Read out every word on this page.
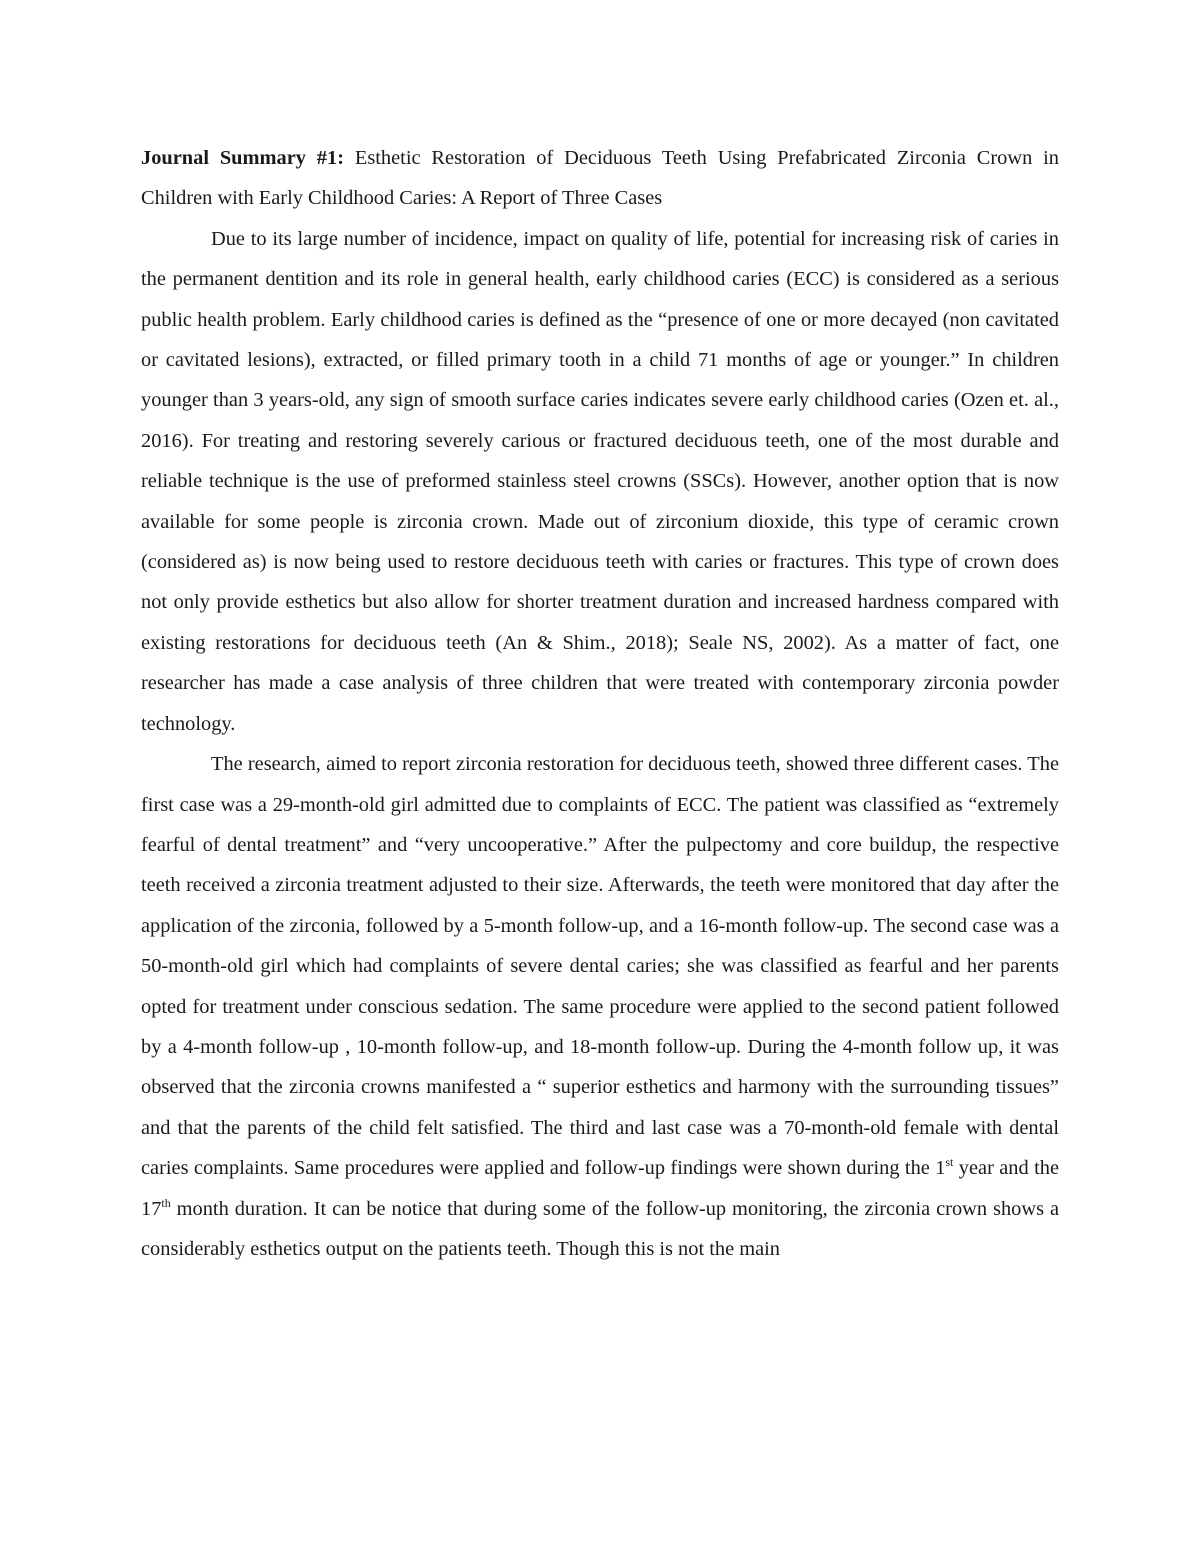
Journal Summary #1: Esthetic Restoration of Deciduous Teeth Using Prefabricated Zirconia Crown in Children with Early Childhood Caries: A Report of Three Cases

Due to its large number of incidence, impact on quality of life, potential for increasing risk of caries in the permanent dentition and its role in general health, early childhood caries (ECC) is considered as a serious public health problem. Early childhood caries is defined as the “presence of one or more decayed (non cavitated or cavitated lesions), extracted, or filled primary tooth in a child 71 months of age or younger.” In children younger than 3 years-old, any sign of smooth surface caries indicates severe early childhood caries (Ozen et. al., 2016). For treating and restoring severely carious or fractured deciduous teeth, one of the most durable and reliable technique is the use of preformed stainless steel crowns (SSCs). However, another option that is now available for some people is zirconia crown. Made out of zirconium dioxide, this type of ceramic crown (considered as) is now being used to restore deciduous teeth with caries or fractures. This type of crown does not only provide esthetics but also allow for shorter treatment duration and increased hardness compared with existing restorations for deciduous teeth (An & Shim., 2018); Seale NS, 2002). As a matter of fact, one researcher has made a case analysis of three children that were treated with contemporary zirconia powder technology.

The research, aimed to report zirconia restoration for deciduous teeth, showed three different cases. The first case was a 29-month-old girl admitted due to complaints of ECC. The patient was classified as “extremely fearful of dental treatment” and “very uncooperative.” After the pulpectomy and core buildup, the respective teeth received a zirconia treatment adjusted to their size. Afterwards, the teeth were monitored that day after the application of the zirconia, followed by a 5-month follow-up, and a 16-month follow-up. The second case was a 50-month-old girl which had complaints of severe dental caries; she was classified as fearful and her parents opted for treatment under conscious sedation. The same procedure were applied to the second patient followed by a 4-month follow-up , 10-month follow-up, and 18-month follow-up. During the 4-month follow up, it was observed that the zirconia crowns manifested a “ superior esthetics and harmony with the surrounding tissues” and that the parents of the child felt satisfied. The third and last case was a 70-month-old female with dental caries complaints. Same procedures were applied and follow-up findings were shown during the 1st year and the 17th month duration. It can be notice that during some of the follow-up monitoring, the zirconia crown shows a considerably esthetics output on the patients teeth. Though this is not the main
